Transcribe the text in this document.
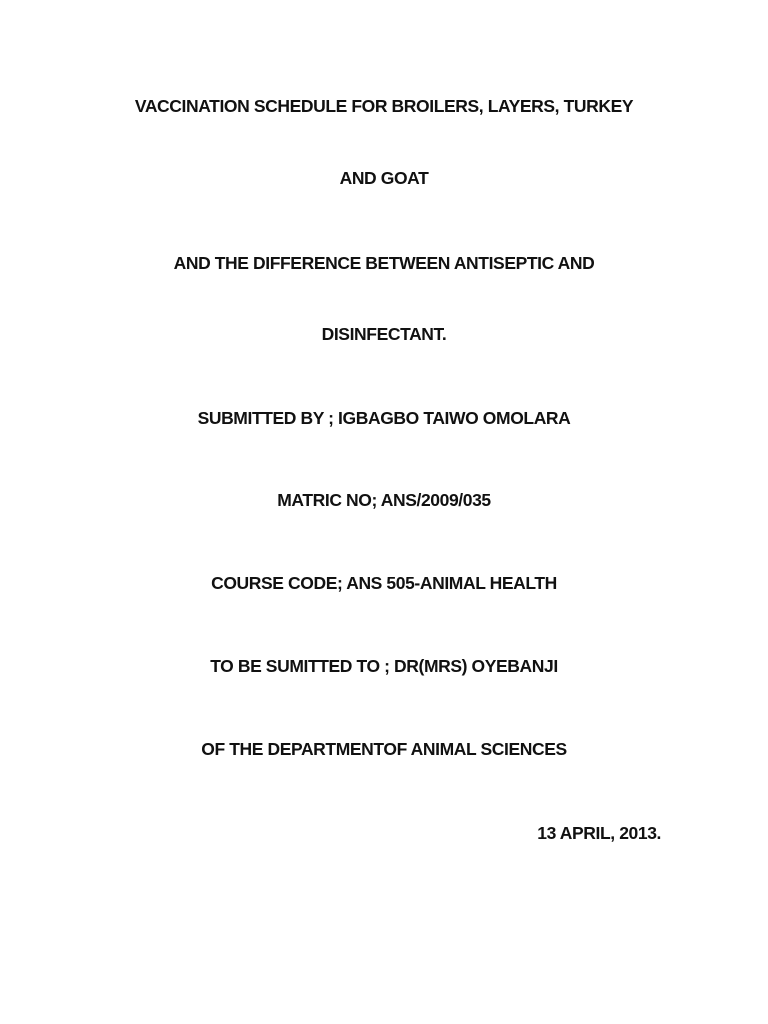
VACCINATION SCHEDULE FOR BROILERS, LAYERS, TURKEY
AND GOAT
AND THE DIFFERENCE BETWEEN ANTISEPTIC AND
DISINFECTANT.
SUBMITTED BY ; IGBAGBO TAIWO OMOLARA
MATRIC NO; ANS/2009/035
COURSE CODE; ANS 505-ANIMAL HEALTH
TO BE SUMITTED TO ; DR(MRS) OYEBANJI
OF THE DEPARTMENTOF ANIMAL SCIENCES
13 APRIL, 2013.
